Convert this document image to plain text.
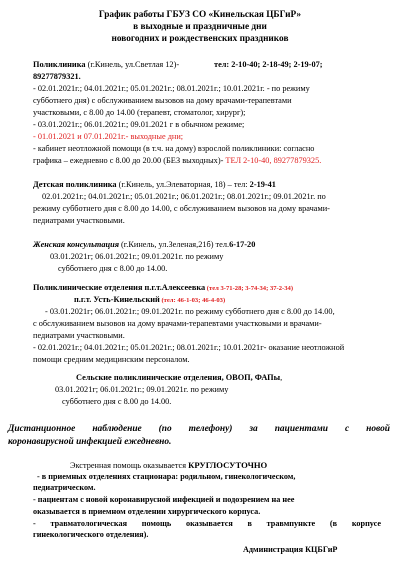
График работы ГБУЗ СО «Кинельская ЦБГиР»
в выходные и праздничные дни
новогодних и рождественских праздников
Поликлиника (г.Кинель, ул.Светлая 12)-	тел: 2-10-40; 2-18-49; 2-19-07;
89277879321.
- 02.01.2021г.; 04.01.2021г.; 05.01.2021г.; 08.01.2021г.; 10.01.2021г. - по режиму
субботнего дня) с обслуживанием вызовов на дому врачами-терапевтами
участковыми, с 8.00 до 14.00 (терапевт, стоматолог, хирург);
- 03.01.2021г.; 06.01.2021г.; 09.01.2021 г в обычном режиме;
- 01.01.2021 и 07.01.2021г.- выходные дни;
- кабинет неотложной помощи (в т.ч. на дому) взрослой поликлиники: согласно
графика – ежедневно с 8.00 до 20.00 (БЕЗ выходных)- ТЕЛ 2-10-40, 89277879325.
Детская поликлиника (г.Кинель, ул.Элеваторная, 18) – тел: 2-19-41
02.01.2021г.; 04.01.2021г.; 05.01.2021г.; 06.01.2021г.; 08.01.2021г.; 09.01.2021г. по
режиму субботнего дня с 8.00 до 14.00, с обслуживанием вызовов на дому врачами-
педиатрами участковыми.
Женская консультация (г.Кинель, ул.Зеленая,21б) тел.6-17-20
03.01.2021г; 06.01.2021г.; 09.01.2021г. по режиму
субботнего дня с 8.00 до 14.00.
Поликлинические отделения п.г.т.Алексеевка (тел 3-71-28; 3-74-34; 37-2-34)
п.г.т. Усть-Кинельский (тел: 46-1-03; 46-4-03)
- 03.01.2021г; 06.01.2021г.; 09.01.2021г. по режиму субботнего дня с 8.00 до 14.00,
с обслуживанием вызовов на дому врачами-терапевтами участковыми и врачами-
педиатрами участковыми.
- 02.01.2021г.; 04.01.2021г.; 05.01.2021г.; 08.01.2021г.; 10.01.2021г- оказание неотложной
помощи средним медицинским персоналом.
Сельские поликлинические отделения, ОВОП, ФАПы,
03.01.2021г; 06.01.2021г.; 09.01.2021г. по режиму
субботнего дня с 8.00 до 14.00.
Дистанционное наблюдение (по телефону) за пациентами с новой
коронавирусной инфекцией ежедневно.
Экстренная помощь оказывается КРУГЛОСУТОЧНО
- в приемных отделениях стационара: родильном, гинекологическом,
педиатрическом.
- пациентам с новой коронавирусной инфекцией и подозрением на нее
оказывается в приемном отделении хирургического корпуса.
- травматологическая помощь оказывается в травмпункте (в корпусе
гинекологического отделения).
Администрация КЦБГиР
